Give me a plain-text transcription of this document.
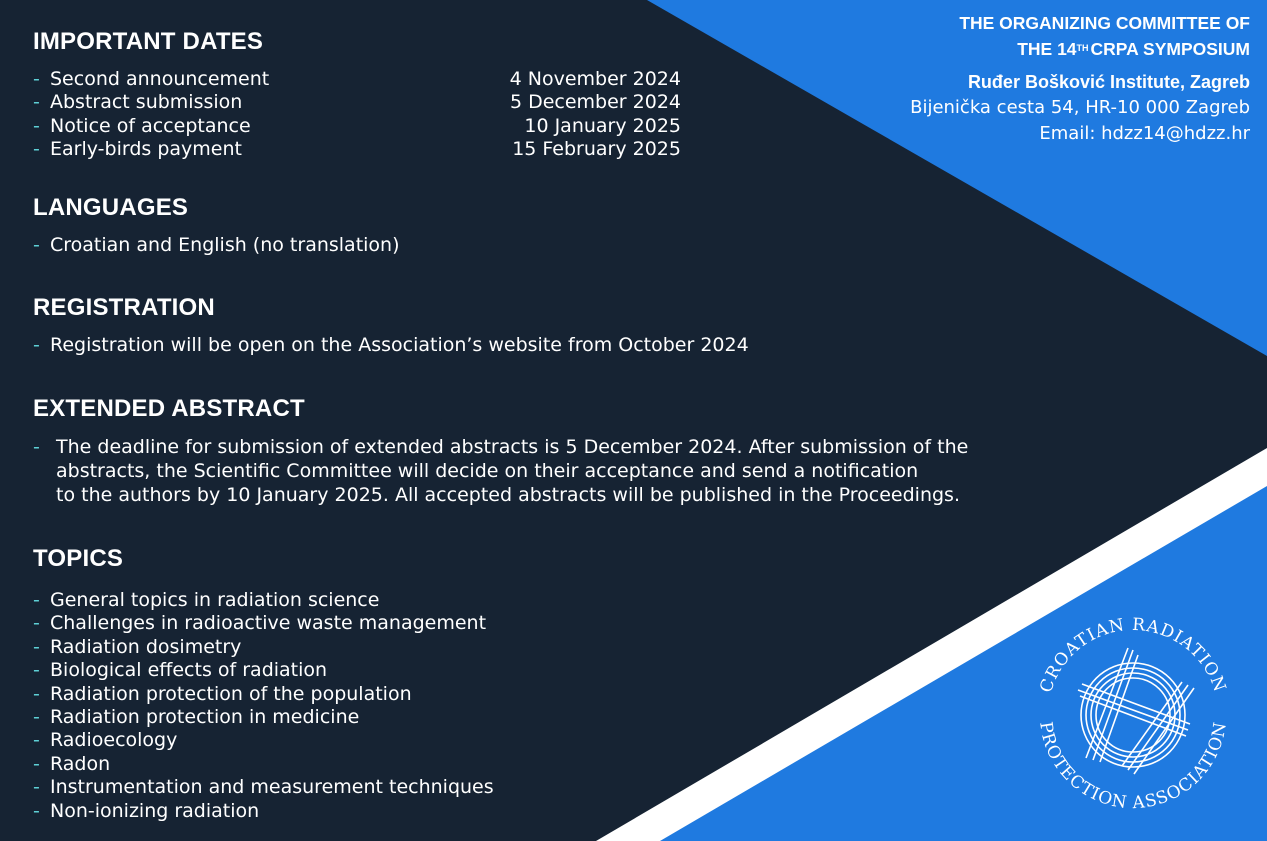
IMPORTANT DATES
- Second announcement	4 November 2024
- Abstract submission	5 December 2024
- Notice of acceptance	10 January 2025
- Early-birds payment	15 February 2025
LANGUAGES
- Croatian and English (no translation)
REGISTRATION
- Registration will be open on the Association’s website from October 2024
EXTENDED ABSTRACT
- The deadline for submission of extended abstracts is 5 December 2024. After submission of the
abstracts, the Scientific Committee will decide on their acceptance and send a notification
to the authors by 10 January 2025. All accepted abstracts will be published in the Proceedings.
TOPICS
- General topics in radiation science
- Challenges in radioactive waste management
- Radiation dosimetry
- Biological effects of radiation
- Radiation protection of the population
- Radiation protection in medicine
- Radioecology
- Radon
- Instrumentation and measurement techniques
- Non-ionizing radiation
THE ORGANIZING COMMITTEE OF
THE 14TH CRPA SYMPOSIUM
Ruđer Bošković Institute, Zagreb
Bijenička cesta 54, HR-10 000 Zagreb
Email: hdzz14@hdzz.hr
CROATIAN RADIATION
PROTECTION ASSOCIATION
